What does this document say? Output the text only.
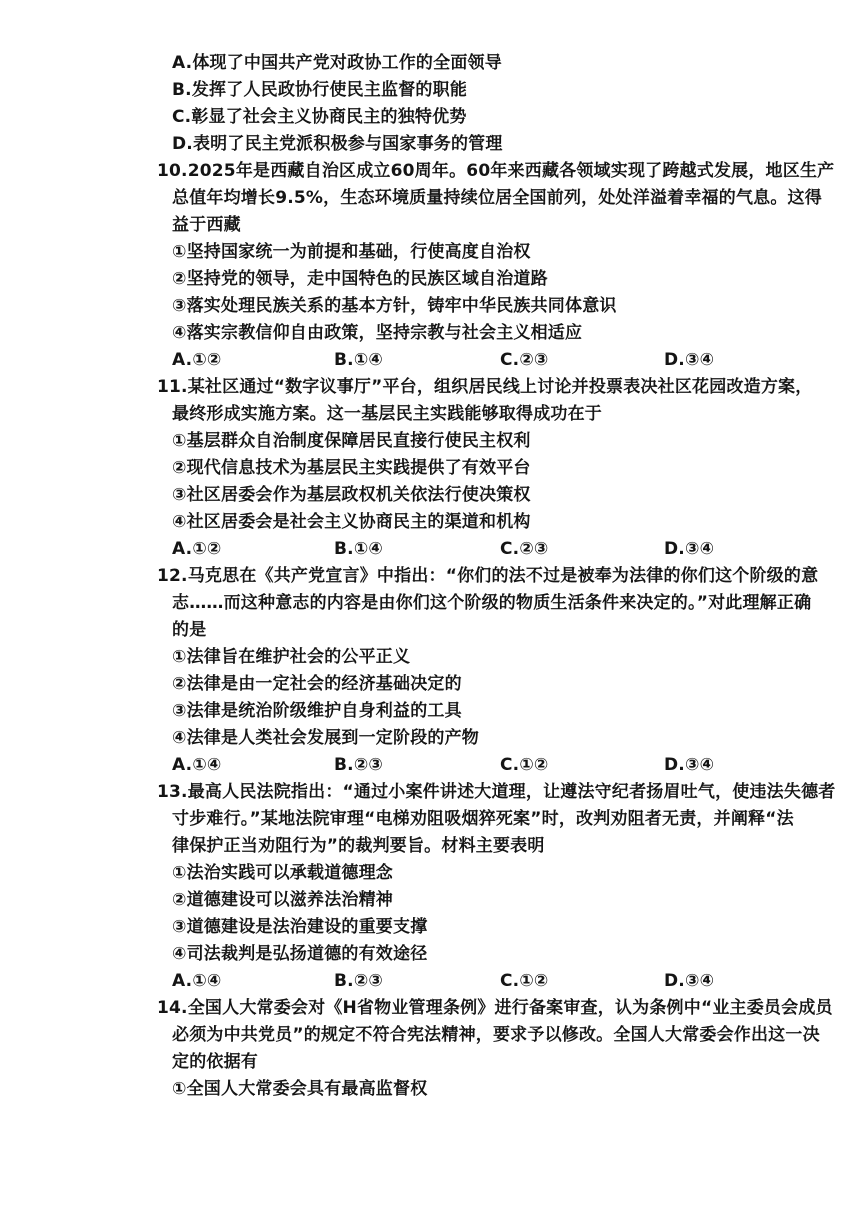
A.体现了中国共产党对政协工作的全面领导
B.发挥了人民政协行使民主监督的职能
C.彰显了社会主义协商民主的独特优势
D.表明了民主党派积极参与国家事务的管理
10.2025年是西藏自治区成立60周年。60年来西藏各领域实现了跨越式发展，地区生产
总值年均增长9.5%，生态环境质量持续位居全国前列，处处洋溢着幸福的气息。这得
益于西藏
①坚持国家统一为前提和基础，行使高度自治权
②坚持党的领导，走中国特色的民族区域自治道路
③落实处理民族关系的基本方针，铸牢中华民族共同体意识
④落实宗教信仰自由政策，坚持宗教与社会主义相适应
A.①②	B.①④	C.②③	D.③④
11.某社区通过“数字议事厅”平台，组织居民线上讨论并投票表决社区花园改造方案，
最终形成实施方案。这一基层民主实践能够取得成功在于
①基层群众自治制度保障居民直接行使民主权利
②现代信息技术为基层民主实践提供了有效平台
③社区居委会作为基层政权机关依法行使决策权
④社区居委会是社会主义协商民主的渠道和机构
A.①②	B.①④	C.②③	D.③④
12.马克思在《共产党宣言》中指出：“你们的法不过是被奉为法律的你们这个阶级的意
志……而这种意志的内容是由你们这个阶级的物质生活条件来决定的。”对此理解正确
的是
①法律旨在维护社会的公平正义
②法律是由一定社会的经济基础决定的
③法律是统治阶级维护自身利益的工具
④法律是人类社会发展到一定阶段的产物
A.①④	B.②③	C.①②	D.③④
13.最高人民法院指出：“通过小案件讲述大道理，让遵法守纪者扬眉吐气，使违法失德者
寸步难行。”某地法院审理“电梯劝阻吸烟猝死案”时，改判劝阻者无责，并阐释“法
律保护正当劝阻行为”的裁判要旨。材料主要表明
①法治实践可以承载道德理念
②道德建设可以滋养法治精神
③道德建设是法治建设的重要支撑
④司法裁判是弘扬道德的有效途径
A.①④	B.②③	C.①②	D.③④
14.全国人大常委会对《H省物业管理条例》进行备案审查，认为条例中“业主委员会成员
必须为中共党员”的规定不符合宪法精神，要求予以修改。全国人大常委会作出这一决
定的依据有
①全国人大常委会具有最高监督权
